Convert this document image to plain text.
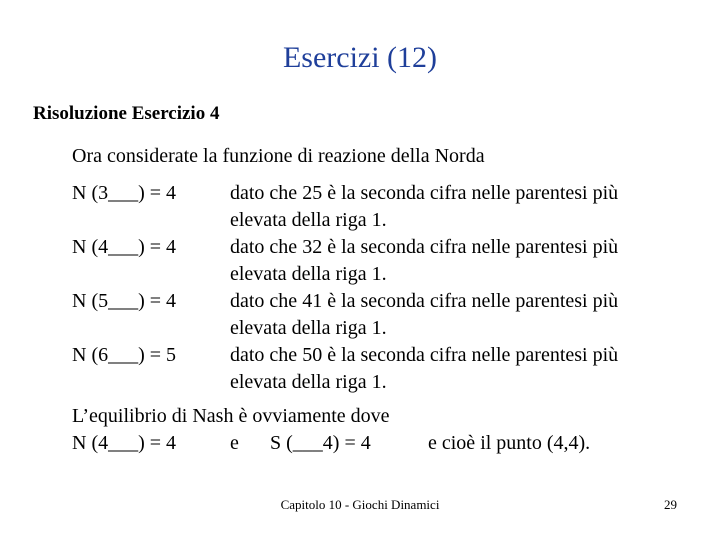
Esercizi (12)
Risoluzione Esercizio 4
Ora considerate la funzione di reazione della Norda
N (3___) = 4	dato che 25 è la seconda cifra nelle parentesi più elevata della riga 1.
N (4___) = 4	dato che 32 è la seconda cifra nelle parentesi più elevata della riga 1.
N (5___) = 4	dato che 41 è la seconda cifra nelle parentesi più elevata della riga 1.
N (6___) = 5	dato che 50 è la seconda cifra nelle parentesi più elevata della riga 1.
L’equilibrio di Nash è ovviamente dove
N (4___) = 4	e S (___4) = 4	e cioè il punto (4,4).
Capitolo 10 - Giochi Dinamici	29
